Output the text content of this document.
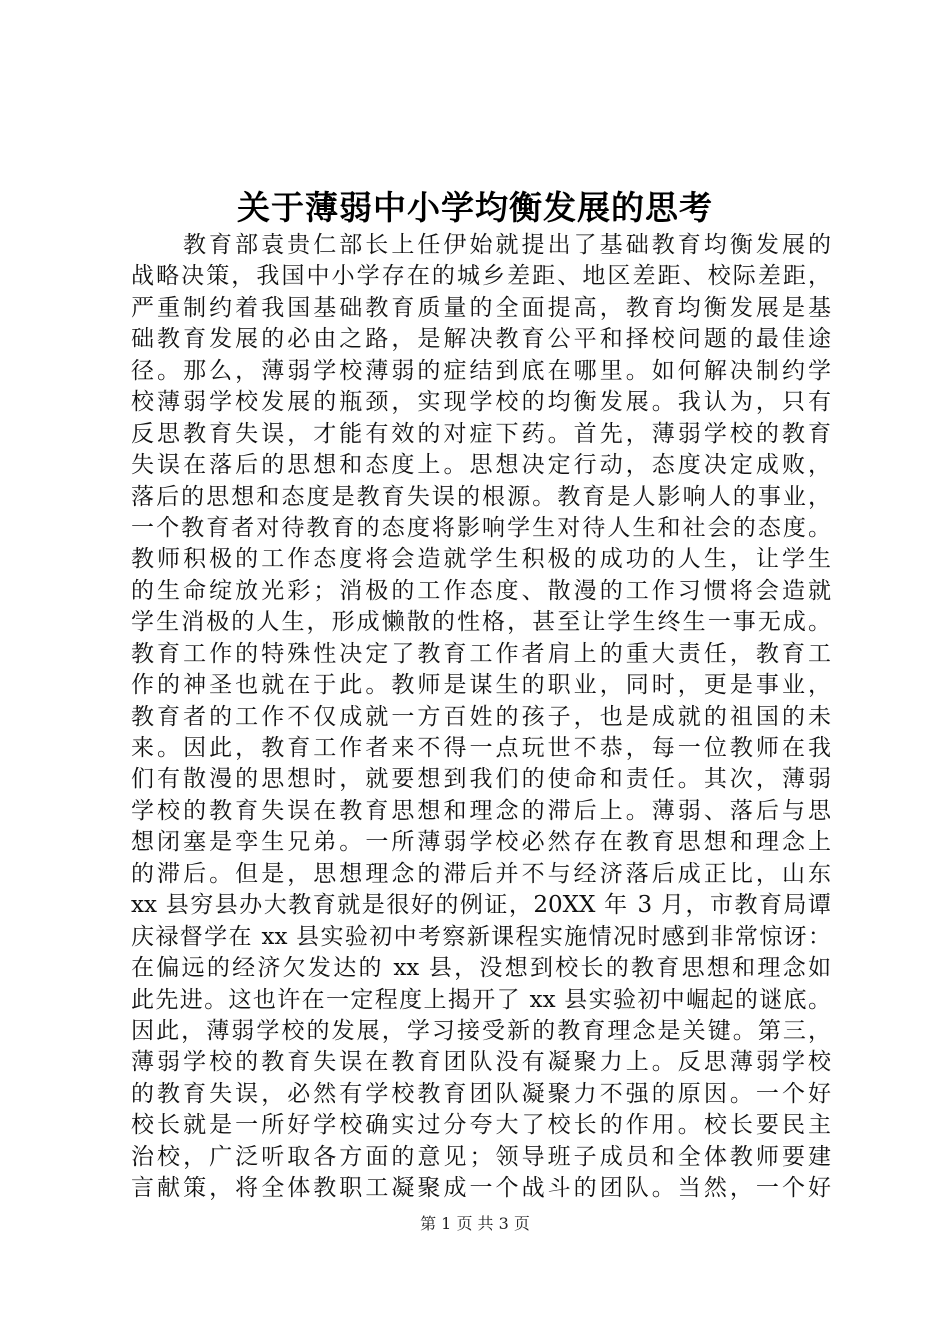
关于薄弱中小学均衡发展的思考
教育部袁贵仁部长上任伊始就提出了基础教育均衡发展的
战略决策，我国中小学存在的城乡差距、地区差距、校际差距，
严重制约着我国基础教育质量的全面提高，教育均衡发展是基
础教育发展的必由之路，是解决教育公平和择校问题的最佳途
径。那么，薄弱学校薄弱的症结到底在哪里。如何解决制约学
校薄弱学校发展的瓶颈，实现学校的均衡发展。我认为，只有
反思教育失误，才能有效的对症下药。首先，薄弱学校的教育
失误在落后的思想和态度上。思想决定行动，态度决定成败，
落后的思想和态度是教育失误的根源。教育是人影响人的事业，
一个教育者对待教育的态度将影响学生对待人生和社会的态度。
教师积极的工作态度将会造就学生积极的成功的人生，让学生
的生命绽放光彩；消极的工作态度、散漫的工作习惯将会造就
学生消极的人生，形成懒散的性格，甚至让学生终生一事无成。
教育工作的特殊性决定了教育工作者肩上的重大责任，教育工
作的神圣也就在于此。教师是谋生的职业，同时，更是事业，
教育者的工作不仅成就一方百姓的孩子，也是成就的祖国的未
来。因此，教育工作者来不得一点玩世不恭，每一位教师在我
们有散漫的思想时，就要想到我们的使命和责任。其次，薄弱
学校的教育失误在教育思想和理念的滞后上。薄弱、落后与思
想闭塞是孪生兄弟。一所薄弱学校必然存在教育思想和理念上
的滞后。但是，思想理念的滞后并不与经济落后成正比，山东
xx 县穷县办大教育就是很好的例证，20XX 年 3 月，市教育局谭
庆禄督学在 xx 县实验初中考察新课程实施情况时感到非常惊讶：
在偏远的经济欠发达的 xx 县，没想到校长的教育思想和理念如
此先进。这也许在一定程度上揭开了 xx 县实验初中崛起的谜底。
因此，薄弱学校的发展，学习接受新的教育理念是关键。第三，
薄弱学校的教育失误在教育团队没有凝聚力上。反思薄弱学校
的教育失误，必然有学校教育团队凝聚力不强的原因。一个好
校长就是一所好学校确实过分夸大了校长的作用。校长要民主
治校，广泛听取各方面的意见；领导班子成员和全体教师要建
言献策，将全体教职工凝聚成一个战斗的团队。当然，一个好
第 1 页 共 3 页
